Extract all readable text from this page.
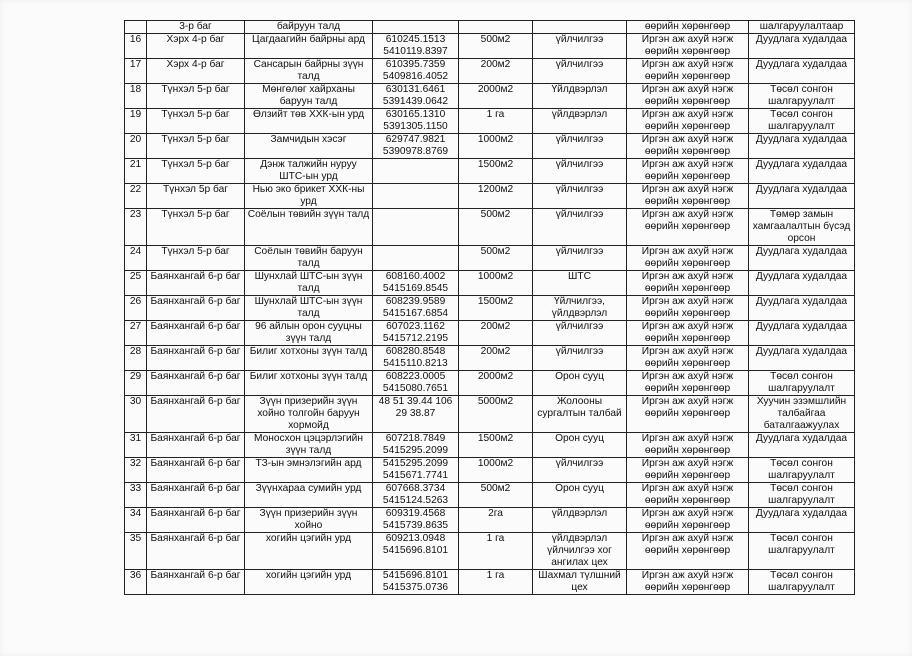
	3-р баг	байруун талд				өөрийн хөрөнгөөр	шалгаруулалтаар
16	Хэрх 4-р баг	Цагдаагийн байрны ард	610245.1513 5410119.8397	500м2	үйлчилгээ	Иргэн аж ахуй нэгж өөрийн хөрөнгөөр	Дуудлага худалдаа
17	Хэрх 4-р баг	Сансарын байрны зүүн талд	610395.7359 5409816.4052	200м2	үйлчилгээ	Иргэн аж ахуй нэгж өөрийн хөрөнгөөр	Дуудлага худалдаа
18	Түнхэл 5-р баг	Мөнгөлөг хайрханы баруун талд	630131.6461 5391439.0642	2000м2	Үйлдвэрлэл	Иргэн аж ахуй нэгж өөрийн хөрөнгөөр	Төсөл сонгон шалгаруулалт
19	Түнхэл 5-р баг	Өлзийт төв ХХК-ын урд	630165.1310 5391305.1150	1 га	үйлдвэрлэл	Иргэн аж ахуй нэгж өөрийн хөрөнгөөр	Төсөл сонгон шалгаруулалт
20	Түнхэл 5-р баг	Замчидын хэсэг	629747.9821 5390978.8769	1000м2	үйлчилгээ	Иргэн аж ахуй нэгж өөрийн хөрөнгөөр	Дуудлага худалдаа
21	Түнхэл 5-р баг	Дэнж талжийн нуруу ШТС-ын урд		1500м2	үйлчилгээ	Иргэн аж ахуй нэгж өөрийн хөрөнгөөр	Дуудлага худалдаа
22	Түнхэл 5р баг	Нью эко брикет ХХК-ны урд		1200м2	үйлчилгээ	Иргэн аж ахуй нэгж өөрийн хөрөнгөөр	Дуудлага худалдаа
23	Түнхэл 5-р баг	Соёлын төвийн зүүн талд		500м2	үйлчилгээ	Иргэн аж ахуй нэгж өөрийн хөрөнгөөр	Төмөр замын хамгаалалтын бүсэд орсон
24	Түнхэл 5-р баг	Соёлын төвийн баруун талд		500м2	үйлчилгээ	Иргэн аж ахуй нэгж өөрийн хөрөнгөөр	Дуудлага худалдаа
25	Баянхангай 6-р баг	Шунхлай ШТС-ын зүүн талд	608160.4002 5415169.8545	1000м2	ШТС	Иргэн аж ахуй нэгж өөрийн хөрөнгөөр	Дуудлага худалдаа
26	Баянхангай 6-р баг	Шунхлай ШТС-ын зүүн талд	608239.9589 5415167.6854	1500м2	Үйлчилгээ, үйлдвэрлэл	Иргэн аж ахуй нэгж өөрийн хөрөнгөөр	Дуудлага худалдаа
27	Баянхангай 6-р баг	96 айлын орон сууцны зүүн талд	607023.1162 5415712.2195	200м2	үйлчилгээ	Иргэн аж ахуй нэгж өөрийн хөрөнгөөр	Дуудлага худалдаа
28	Баянхангай 6-р баг	Билиг хотхоны зүүн талд	608280.8548 5415110.8213	200м2	үйлчилгээ	Иргэн аж ахуй нэгж өөрийн хөрөнгөөр	Дуудлага худалдаа
29	Баянхангай 6-р баг	Билиг хотхоны зүүн талд	608223.0005 5415080.7651	2000м2	Орон сууц	Иргэн аж ахуй нэгж өөрийн хөрөнгөөр	Төсөл сонгон шалгаруулалт
30	Баянхангай 6-р баг	Зүүн призерийн зүүн хойно толгойн баруун хормойд	48 51 39.44 106 29 38.87	5000м2	Жолооны сургалтын талбай	Иргэн аж ахуй нэгж өөрийн хөрөнгөөр	Хуучин эзэмшлийн талбайгаа баталгаажуулах
31	Баянхангай 6-р баг	Моносхон цэцэрлэгийн зүүн талд	607218.7849 5415295.2099	1500м2	Орон сууц	Иргэн аж ахуй нэгж өөрийн хөрөнгөөр	Дуудлага худалдаа
32	Баянхангай 6-р баг	ТЗ-ын эмнэлэгийн ард	5415295.2099 5415671.7741	1000м2	үйлчилгээ	Иргэн аж ахуй нэгж өөрийн хөрөнгөөр	Төсөл сонгон шалгаруулалт
33	Баянхангай 6-р баг	Зүүнхараа сумийн урд	607668.3734 5415124.5263	500м2	Орон сууц	Иргэн аж ахуй нэгж өөрийн хөрөнгөөр	Төсөл сонгон шалгаруулалт
34	Баянхангай 6-р баг	Зүүн призерийн зүүн хойно	609319.4568 5415739.8635	2га	үйлдвэрлэл	Иргэн аж ахуй нэгж өөрийн хөрөнгөөр	Дуудлага худалдаа
35	Баянхангай 6-р баг	хогийн цэгийн урд	609213.0948 5415696.8101	1 га	үйлдвэрлэл үйлчилгээ хог ангилах цех	Иргэн аж ахуй нэгж өөрийн хөрөнгөөр	Төсөл сонгон шалгаруулалт
36	Баянхангай 6-р баг	хогийн цэгийн урд	5415696.8101 5415375.0736	1 га	Шахмал түлшний цех	Иргэн аж ахуй нэгж өөрийн хөрөнгөөр	Төсөл сонгон шалгаруулалт
